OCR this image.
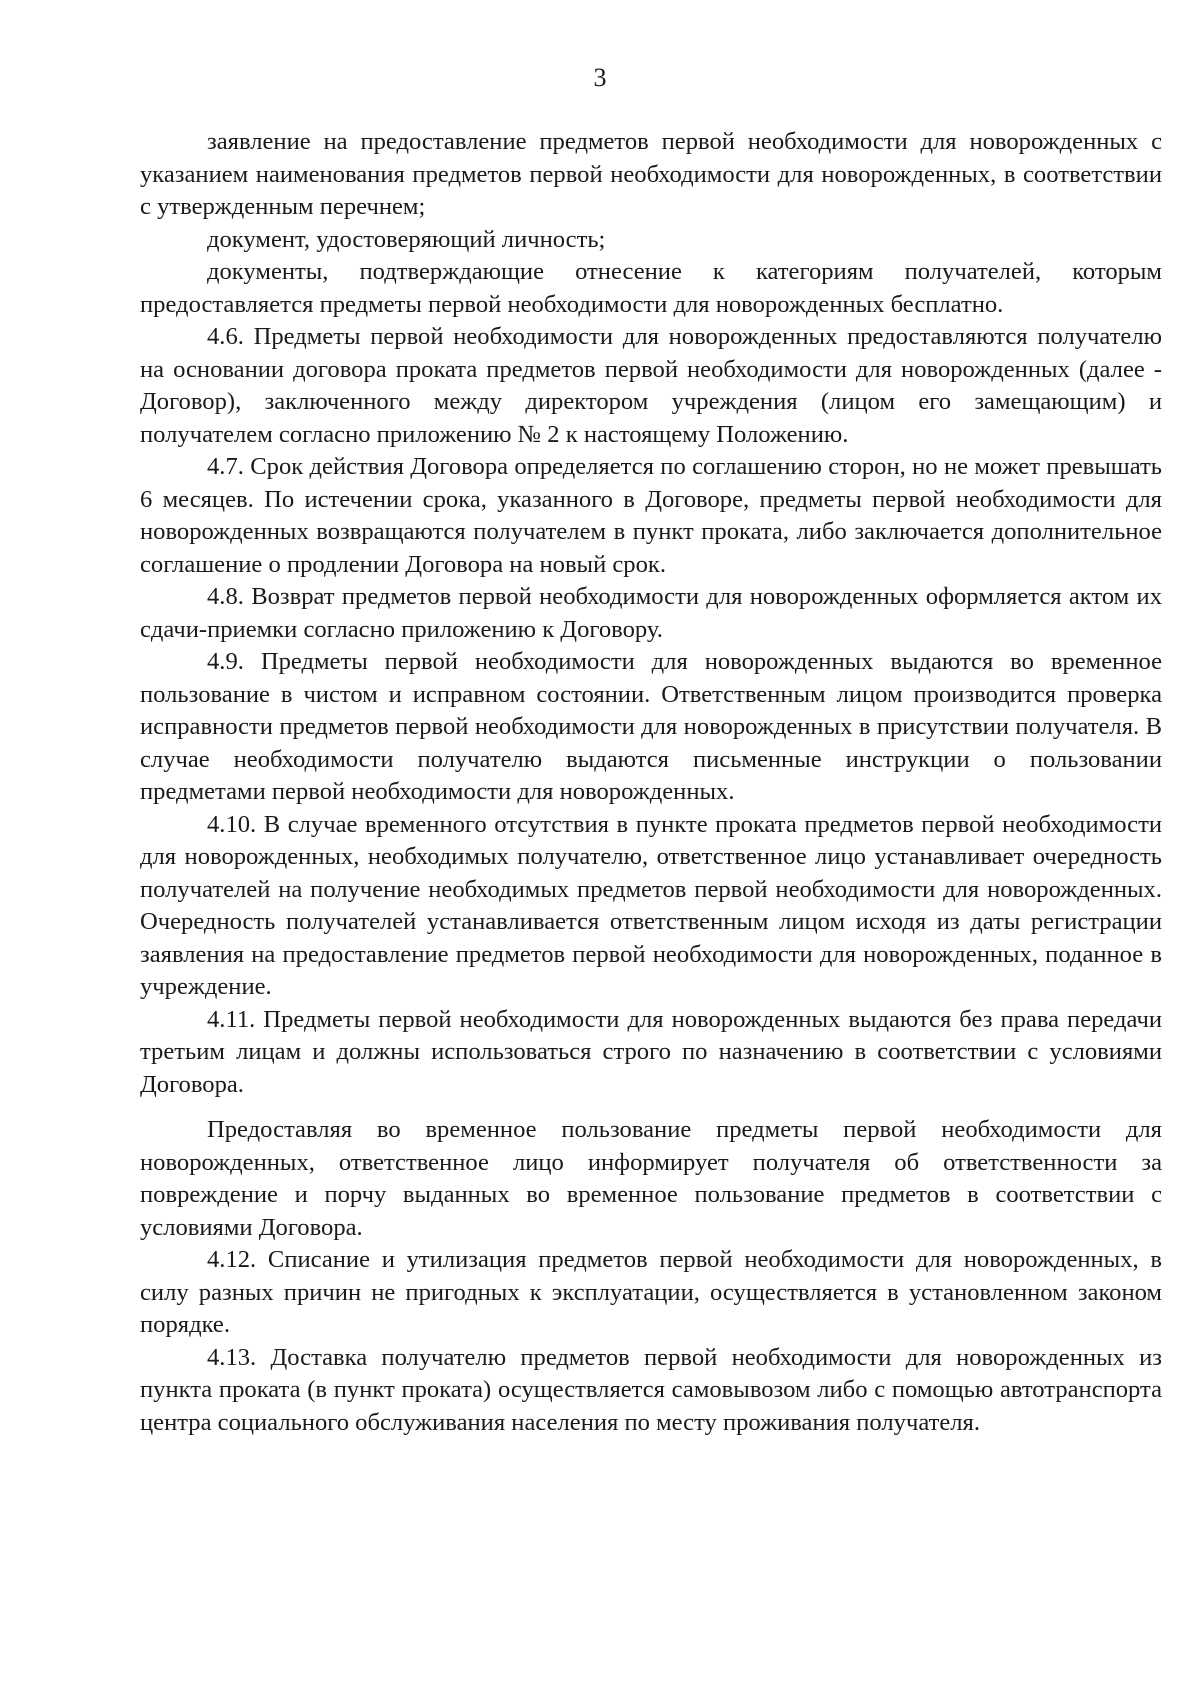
3

заявление на предоставление предметов первой необходимости для новорожденных с указанием наименования предметов первой необходимости для новорожденных, в соответствии с утвержденным перечнем;

документ, удостоверяющий личность;

документы, подтверждающие отнесение к категориям получателей, которым предоставляется предметы первой необходимости для новорожденных бесплатно.

4.6. Предметы первой необходимости для новорожденных предоставляются получателю на основании договора проката предметов первой необходимости для новорожденных (далее - Договор), заключенного между директором учреждения (лицом его замещающим) и получателем согласно приложению № 2 к настоящему Положению.

4.7. Срок действия Договора определяется по соглашению сторон, но не может превышать 6 месяцев. По истечении срока, указанного в Договоре, предметы первой необходимости для новорожденных возвращаются получателем в пункт проката, либо заключается дополнительное соглашение о продлении Договора на новый срок.

4.8. Возврат предметов первой необходимости для новорожденных оформляется актом их сдачи-приемки согласно приложению к Договору.

4.9. Предметы первой необходимости для новорожденных выдаются во временное пользование в чистом и исправном состоянии. Ответственным лицом производится проверка исправности предметов первой необходимости для новорожденных в присутствии получателя. В случае необходимости получателю выдаются письменные инструкции о пользовании предметами первой необходимости для новорожденных.

4.10. В случае временного отсутствия в пункте проката предметов первой необходимости для новорожденных, необходимых получателю, ответственное лицо устанавливает очередность получателей на получение необходимых предметов первой необходимости для новорожденных. Очередность получателей устанавливается ответственным лицом исходя из даты регистрации заявления на предоставление предметов первой необходимости для новорожденных, поданное в учреждение.

4.11. Предметы первой необходимости для новорожденных выдаются без права передачи третьим лицам и должны использоваться строго по назначению в соответствии с условиями Договора.

Предоставляя во временное пользование предметы первой необходимости для новорожденных, ответственное лицо информирует получателя об ответственности за повреждение и порчу выданных во временное пользование предметов в соответствии с условиями Договора.

4.12. Списание и утилизация предметов первой необходимости для новорожденных, в силу разных причин не пригодных к эксплуатации, осуществляется в установленном законом порядке.

4.13. Доставка получателю предметов первой необходимости для новорожденных из пункта проката (в пункт проката) осуществляется самовывозом либо с помощью автотранспорта центра социального обслуживания населения по месту проживания получателя.
